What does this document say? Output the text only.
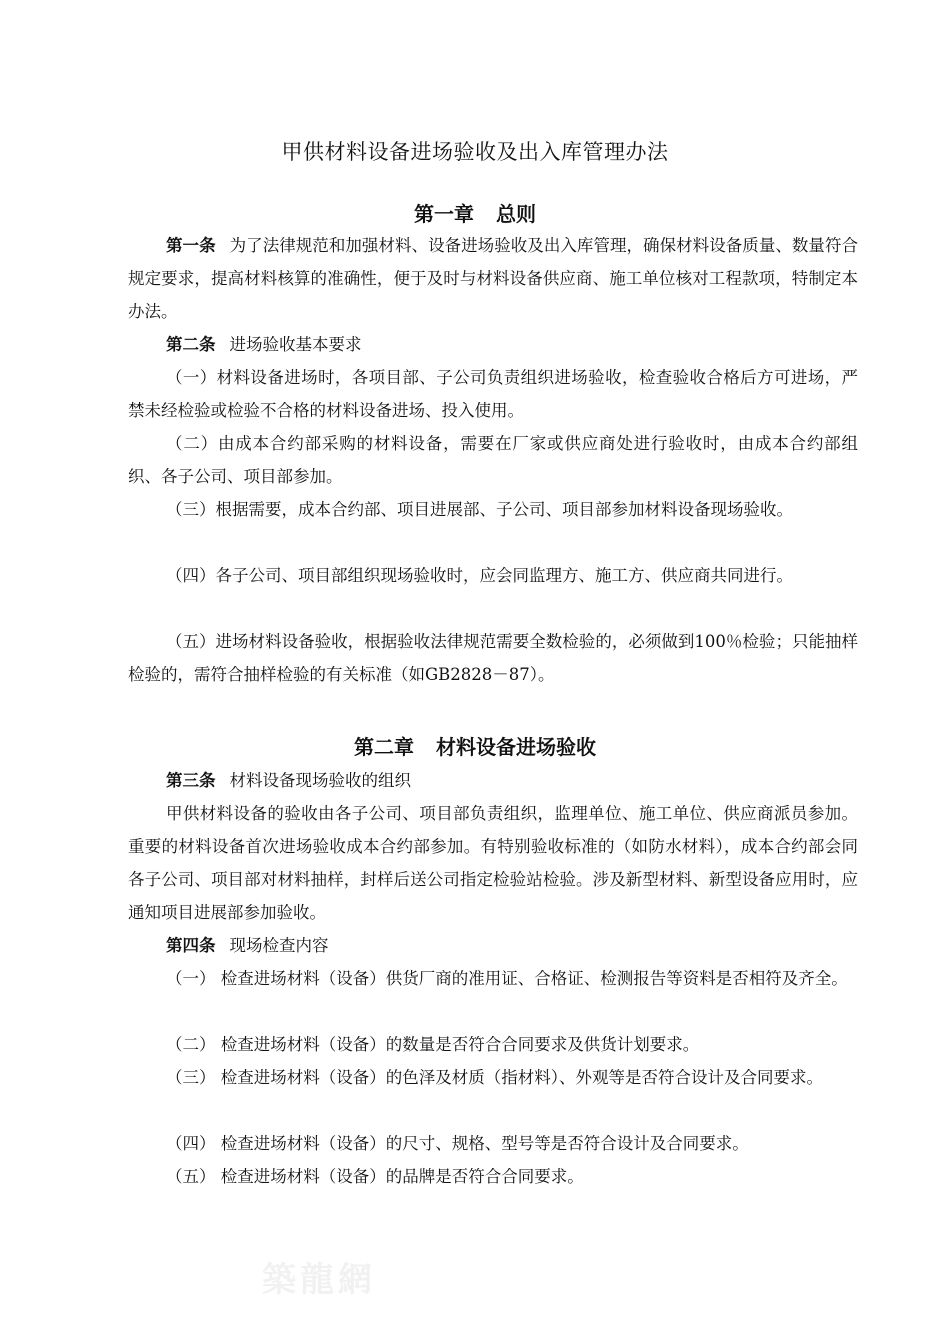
甲供材料设备进场验收及出入库管理办法
第一章 总则

第一条 为了法律规范和加强材料、设备进场验收及出入库管理，确保材料设备质量、数量符合规定要求，提高材料核算的准确性，便于及时与材料设备供应商、施工单位核对工程款项，特制定本办法。

第二条 进场验收基本要求

（一）材料设备进场时，各项目部、子公司负责组织进场验收，检查验收合格后方可进场，严禁未经检验或检验不合格的材料设备进场、投入使用。

（二）由成本合约部采购的材料设备，需要在厂家或供应商处进行验收时，由成本合约部组织、各子公司、项目部参加。

（三）根据需要，成本合约部、项目进展部、子公司、项目部参加材料设备现场验收。

（四）各子公司、项目部组织现场验收时，应会同监理方、施工方、供应商共同进行。

（五）进场材料设备验收，根据验收法律规范需要全数检验的，必须做到100％检验；只能抽样检验的，需符合抽样检验的有关标准（如GB2828－87）。

第二章 材料设备进场验收

第三条 材料设备现场验收的组织

甲供材料设备的验收由各子公司、项目部负责组织，监理单位、施工单位、供应商派员参加。重要的材料设备首次进场验收成本合约部参加。有特别验收标准的（如防水材料），成本合约部会同各子公司、项目部对材料抽样，封样后送公司指定检验站检验。涉及新型材料、新型设备应用时，应通知项目进展部参加验收。

第四条 现场检查内容

（一） 检查进场材料（设备）供货厂商的准用证、合格证、检测报告等资料是否相符及齐全。

（二） 检查进场材料（设备）的数量是否符合合同要求及供货计划要求。

（三） 检查进场材料（设备）的色泽及材质（指材料）、外观等是否符合设计及合同要求。

（四） 检查进场材料（设备）的尺寸、规格、型号等是否符合设计及合同要求。

（五） 检查进场材料（设备）的品牌是否符合合同要求。

築龍網
